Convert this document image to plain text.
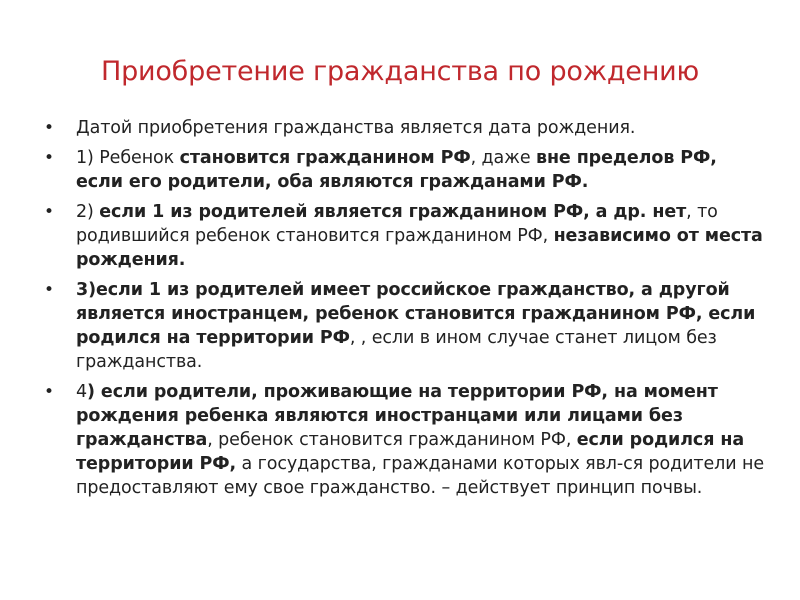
Приобретение гражданства по рождению
•	Датой приобретения гражданства является дата рождения.
•	1) Ребенок становится гражданином РФ, даже вне пределов РФ, если его родители, оба являются гражданами РФ.
•	2) если 1 из родителей является гражданином РФ, а др. нет, то родившийся ребенок становится гражданином РФ, независимо от места рождения.
•	3)если 1 из родителей имеет российское гражданство, а другой является иностранцем, ребенок становится гражданином РФ, если родился на территории РФ, , если в ином случае станет лицом без гражданства.
•	4) если родители, проживающие на территории РФ, на момент рождения ребенка являются иностранцами или лицами без гражданства, ребенок становится гражданином РФ, если родился на территории РФ, а государства, гражданами которых явл-ся родители не предоставляют ему свое гражданство. – действует принцип почвы.
